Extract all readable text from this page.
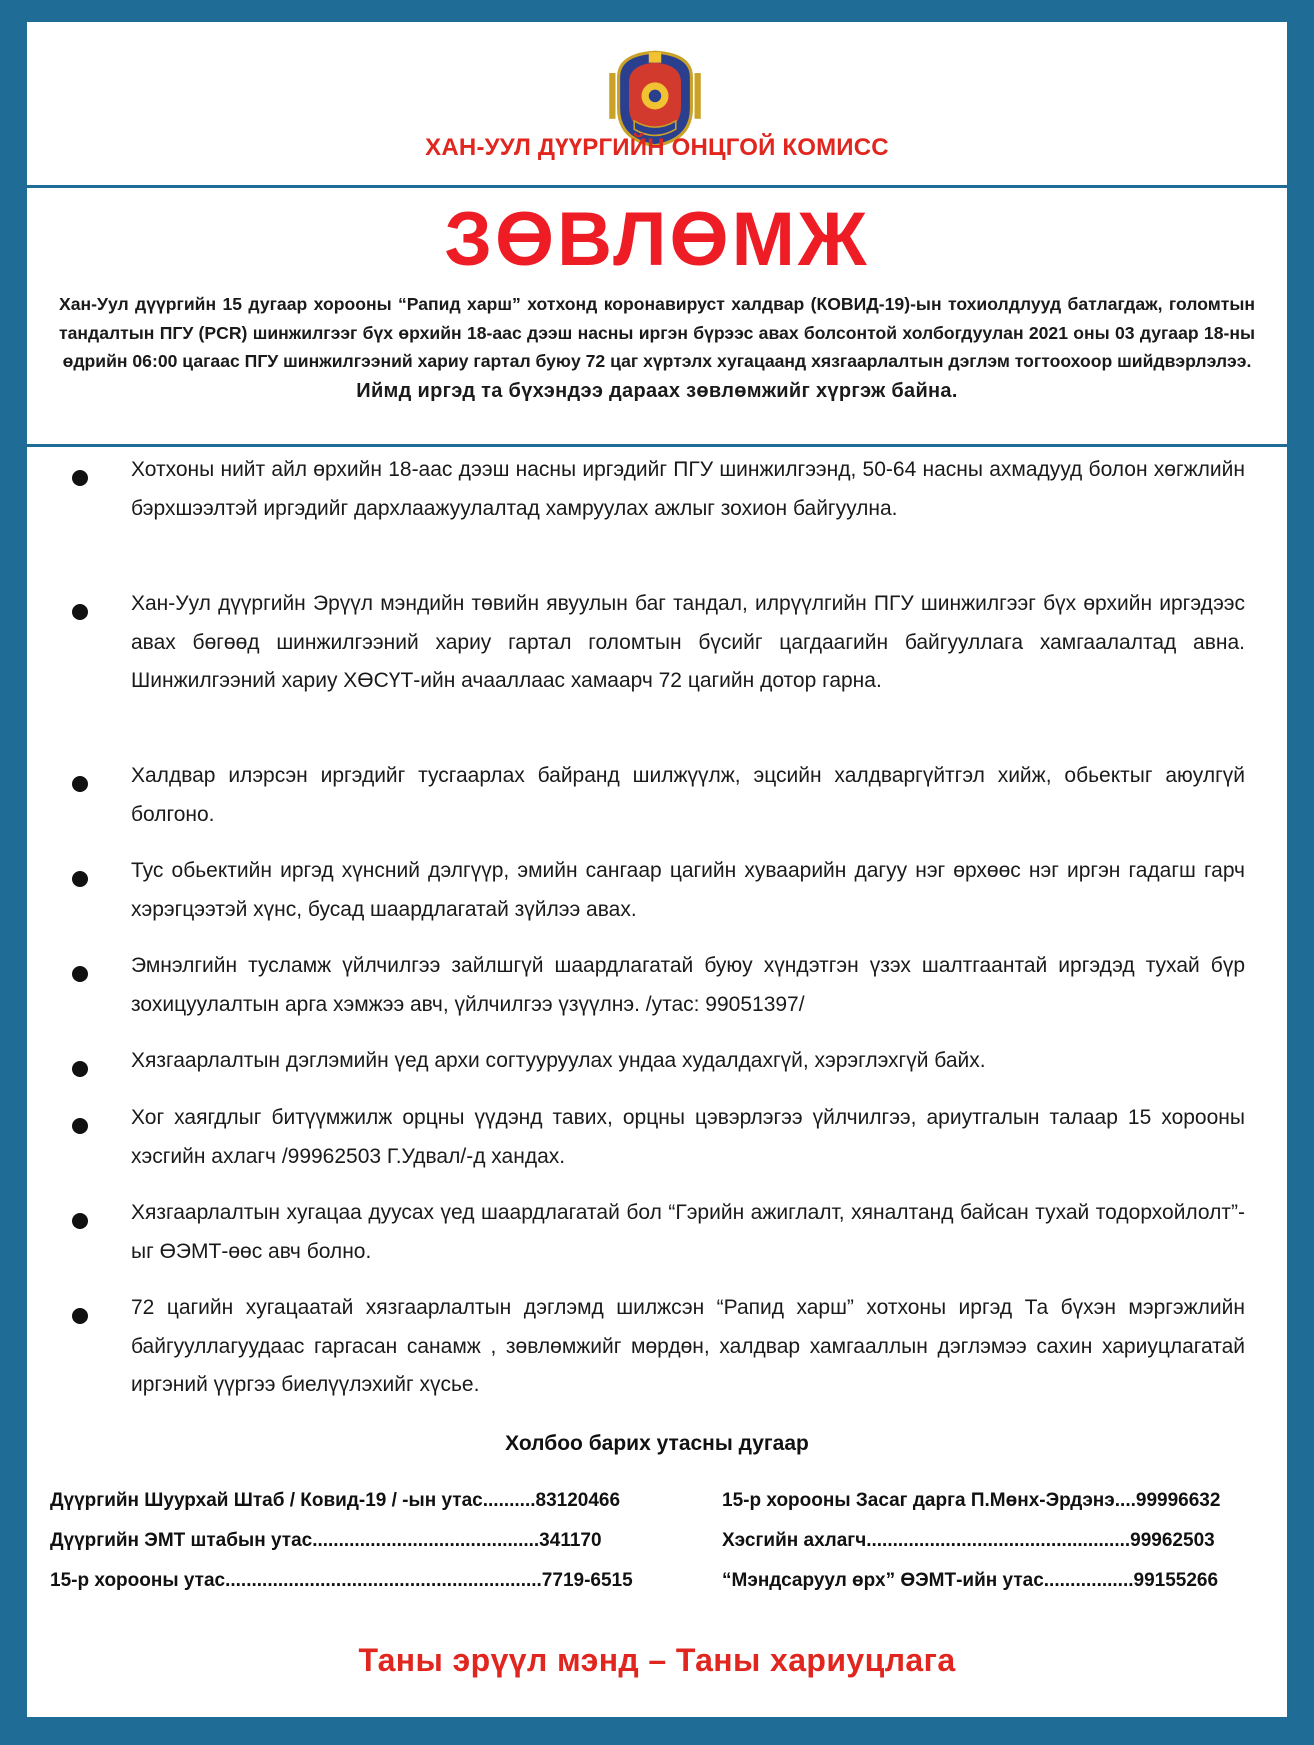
ХАН-УУЛ ДҮҮРГИЙН ОНЦГОЙ КОМИСС
ЗӨВЛӨМЖ
Хан-Уул дүүргийн 15 дугаар хорооны “Рапид харш” хотхонд коронавируст халдвар (КОВИД-19)-ын тохиолдлууд батлагдаж, голомтын тандалтын ПГУ (PCR) шинжилгээг бүх өрхийн 18-аас дээш насны иргэн бүрээс авах болсонтой холбогдуулан 2021 оны 03 дугаар 18-ны өдрийн 06:00 цагаас ПГУ шинжилгээний хариу гартал буюу 72 цаг хүртэлх хугацаанд хязгаарлалтын дэглэм тогтоохоор шийдвэрлэлээ.
Иймд иргэд та бүхэндээ дараах зөвлөмжийг хүргэж байна.
Хотхоны нийт айл өрхийн 18-аас дээш насны иргэдийг ПГУ шинжилгээнд, 50-64 насны ахмадууд болон хөгжлийн бэрхшээлтэй иргэдийг дархлаажуулалтад хамруулах ажлыг зохион байгуулна.
Хан-Уул дүүргийн Эрүүл мэндийн төвийн явуулын баг тандал, илрүүлгийн ПГУ шинжилгээг бүх өрхийн иргэдээс авах бөгөөд шинжилгээний хариу гартал голомтын бүсийг цагдаагийн байгууллага хамгаалалтад авна. Шинжилгээний хариу ХӨСҮТ-ийн ачааллаас хамаарч 72 цагийн дотор гарна.
Халдвар илэрсэн иргэдийг тусгаарлах байранд шилжүүлж, эцсийн халдваргүйтгэл хийж, обьектыг аюулгүй болгоно.
Тус обьектийн иргэд хүнсний дэлгүүр, эмийн сангаар цагийн хуваарийн дагуу нэг өрхөөс нэг иргэн гадагш гарч хэрэгцээтэй хүнс, бусад шаардлагатай зүйлээ авах.
Эмнэлгийн тусламж үйлчилгээ зайлшгүй шаардлагатай буюу хүндэтгэн үзэх шалтгаантай иргэдэд тухай бүр зохицуулалтын арга хэмжээ авч, үйлчилгээ үзүүлнэ. /утас: 99051397/
Хязгаарлалтын дэглэмийн үед архи согтууруулах ундаа худалдахгүй, хэрэглэхгүй байх.
Хог хаягдлыг битүүмжилж орцны үүдэнд тавих, орцны цэвэрлэгээ үйлчилгээ, ариутгалын талаар 15 хорооны хэсгийн ахлагч /99962503 Г.Удвал/-д хандах.
Хязгаарлалтын хугацаа дуусах үед шаардлагатай бол “Гэрийн ажиглалт, хяналтанд байсан тухай тодорхойлолт”-ыг ӨЭМТ-өөс авч болно.
72 цагийн хугацаатай хязгаарлалтын дэглэмд шилжсэн “Рапид харш” хотхоны иргэд Та бүхэн мэргэжлийн байгууллагуудаас гаргасан санамж , зөвлөмжийг мөрдөн, халдвар хамгааллын дэглэмээ сахин хариуцлагатай иргэний үүргээ биелүүлэхийг хүсье.
Холбоо барих утасны дугаар
Дүүргийн Шуурхай Штаб / Ковид-19 / -ын утас..........83120466
Дүүргийн ЭМТ штабын утас...........................................341170
15-р хорооны утас............................................................7719-6515
15-р хорооны Засаг дарга П.Мөнх-Эрдэнэ....99996632
Хэсгийн ахлагч..................................................99962503
“Мэндсаруул өрх” ӨЭМТ-ийн утас.................99155266
Таны эрүүл мэнд – Таны хариуцлага
